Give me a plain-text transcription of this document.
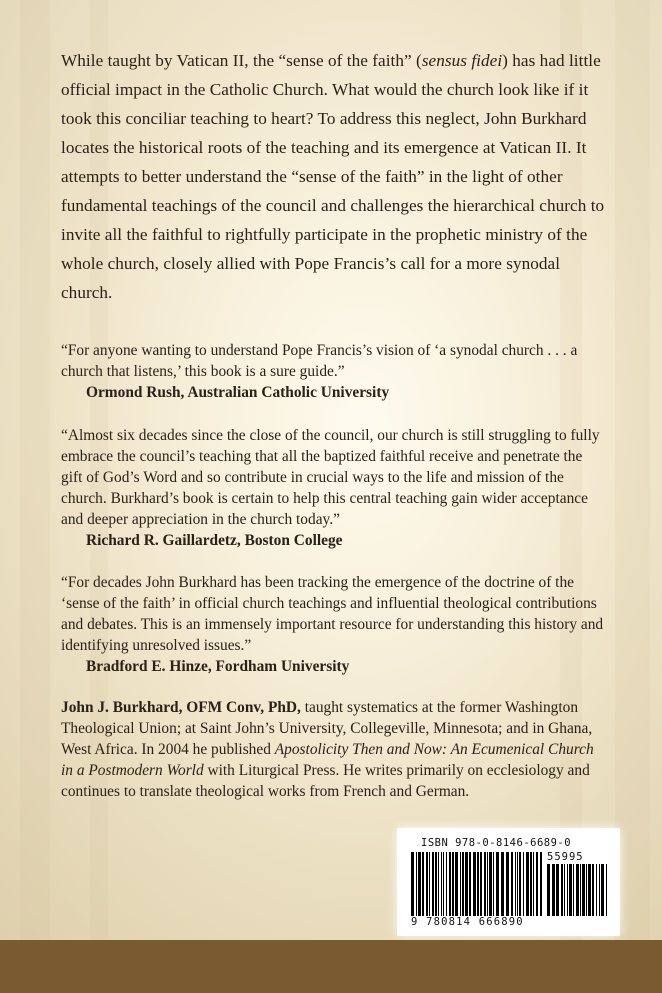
While taught by Vatican II, the “sense of the faith” (sensus fidei) has had little official impact in the Catholic Church. What would the church look like if it took this conciliar teaching to heart? To address this neglect, John Burkhard locates the historical roots of the teaching and its emergence at Vatican II. It attempts to better understand the “sense of the faith” in the light of other fundamental teachings of the council and challenges the hierarchical church to invite all the faithful to rightfully participate in the prophetic ministry of the whole church, closely allied with Pope Francis’s call for a more synodal church.
“For anyone wanting to understand Pope Francis’s vision of ‘a synodal church . . . a church that listens,’ this book is a sure guide.”
Ormond Rush, Australian Catholic University
“Almost six decades since the close of the council, our church is still struggling to fully embrace the council’s teaching that all the baptized faithful receive and penetrate the gift of God’s Word and so contribute in crucial ways to the life and mission of the church. Burkhard’s book is certain to help this central teaching gain wider acceptance and deeper appreciation in the church today.”
Richard R. Gaillardetz, Boston College
“For decades John Burkhard has been tracking the emergence of the doctrine of the ‘sense of the faith’ in official church teachings and influential theological contributions and debates. This is an immensely important resource for understanding this history and identifying unresolved issues.”
Bradford E. Hinze, Fordham University
John J. Burkhard, OFM Conv, PhD, taught systematics at the former Washington Theological Union; at Saint John’s University, Collegeville, Minnesota; and in Ghana, West Africa. In 2004 he published Apostolicity Then and Now: An Ecumenical Church in a Postmodern World with Liturgical Press. He writes primarily on ecclesiology and continues to translate theological works from French and German.
ISBN 978-0-8146-6689-0
55995
9 780814 666890
